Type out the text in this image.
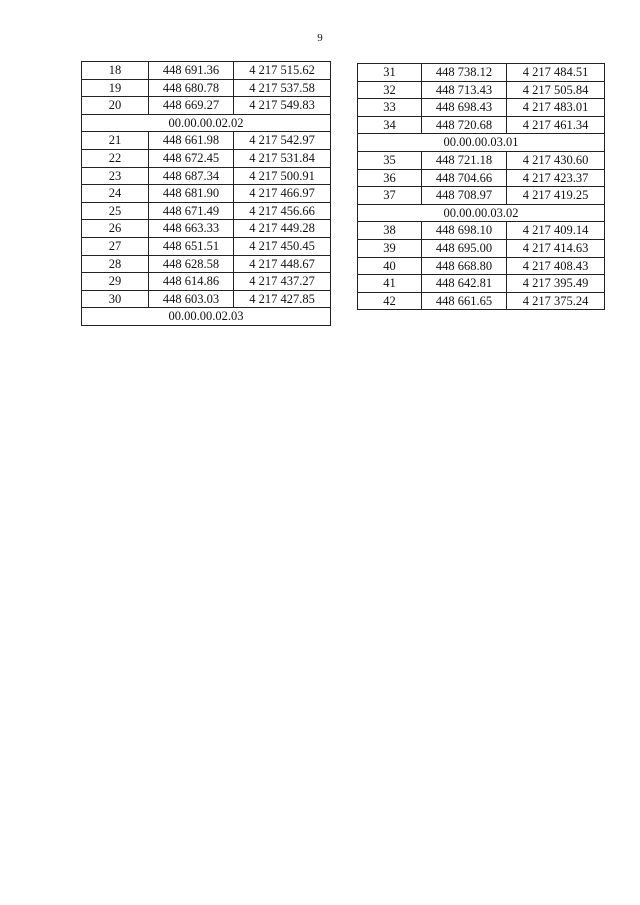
9
18	448 691.36	4 217 515.62
19	448 680.78	4 217 537.58
20	448 669.27	4 217 549.83
00.00.00.02.02		
21	448 661.98	4 217 542.97
22	448 672.45	4 217 531.84
23	448 687.34	4 217 500.91
24	448 681.90	4 217 466.97
25	448 671.49	4 217 456.66
26	448 663.33	4 217 449.28
27	448 651.51	4 217 450.45
28	448 628.58	4 217 448.67
29	448 614.86	4 217 437.27
30	448 603.03	4 217 427.85
00.00.00.02.03		
31	448 738.12	4 217 484.51
32	448 713.43	4 217 505.84
33	448 698.43	4 217 483.01
34	448 720.68	4 217 461.34
00.00.00.03.01		
35	448 721.18	4 217 430.60
36	448 704.66	4 217 423.37
37	448 708.97	4 217 419.25
00.00.00.03.02		
38	448 698.10	4 217 409.14
39	448 695.00	4 217 414.63
40	448 668.80	4 217 408.43
41	448 642.81	4 217 395.49
42	448 661.65	4 217 375.24
